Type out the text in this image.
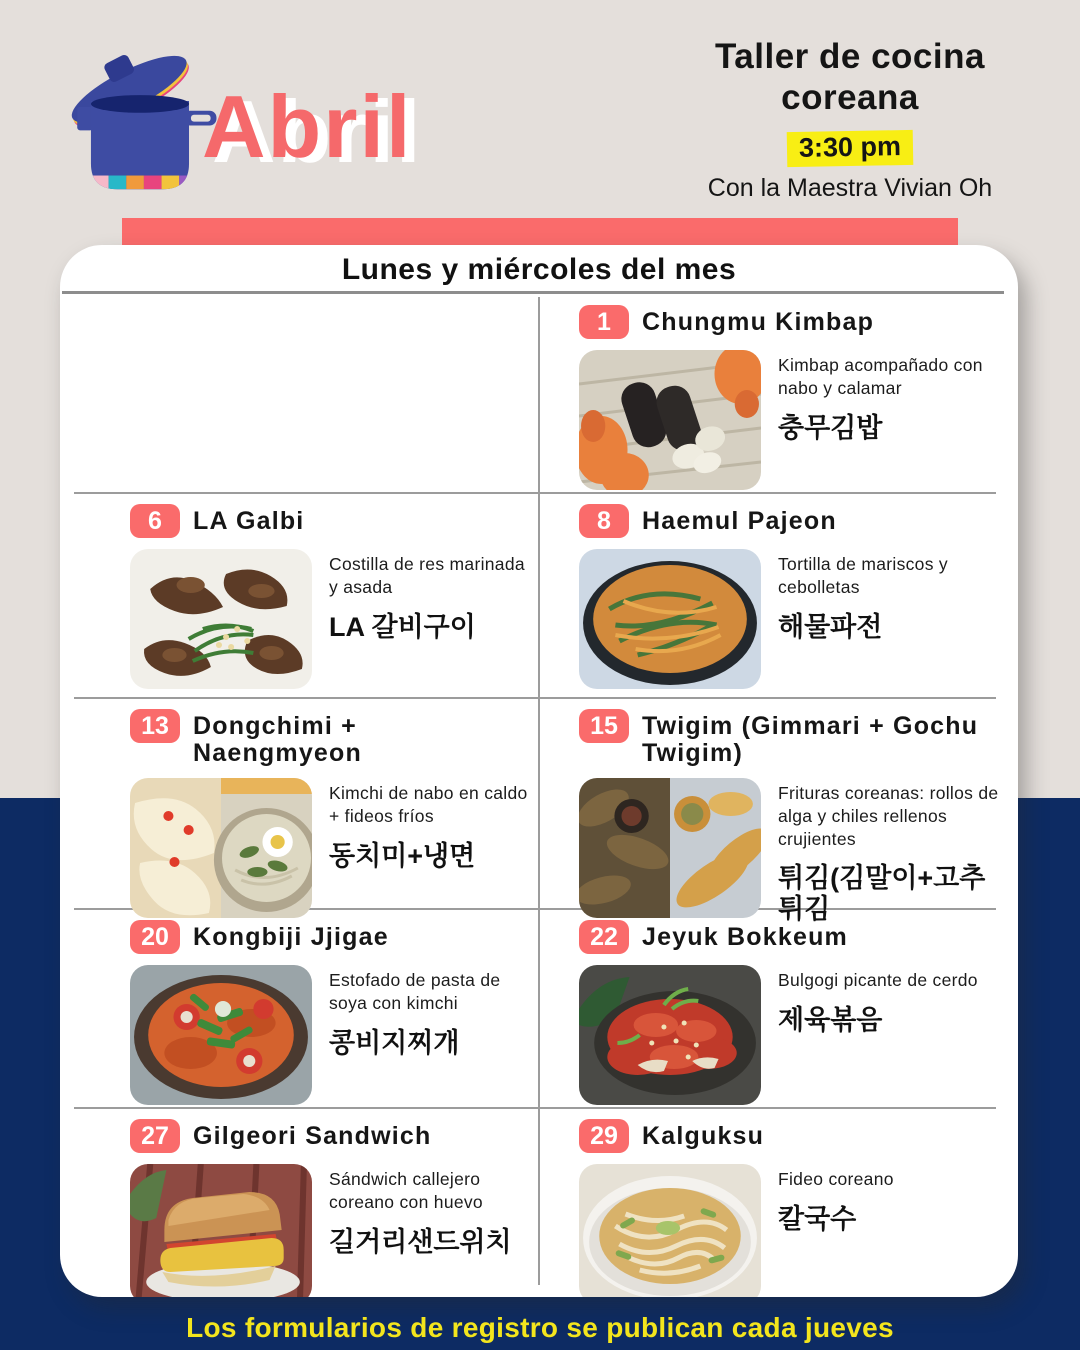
Abril
Taller de cocina coreana
3:30 pm
Con la Maestra Vivian Oh
Lunes y miércoles del mes
1	Chungmu Kimbap
Kimbap acompañado con nabo y calamar
충무김밥
6	LA Galbi
Costilla de res marinada y asada
LA 갈비구이
8	Haemul Pajeon
Tortilla de mariscos y cebolletas
해물파전
13 Dongchimi + Naengmyeon
Kimchi de nabo en caldo + fideos fríos
동치미+냉면
15 Twigim (Gimmari + Gochu Twigim)
Frituras coreanas: rollos de alga y chiles rellenos crujientes
튀김(김말이+고추튀김
20 Kongbiji Jjigae
Estofado de pasta de soya con kimchi
콩비지찌개
22 Jeyuk Bokkeum
Bulgogi picante de cerdo
제육볶음
27 Gilgeori Sandwich
Sándwich callejero coreano con huevo
길거리샌드위치
29 Kalguksu
Fideo coreano
칼국수
Los formularios de registro se publican cada jueves
